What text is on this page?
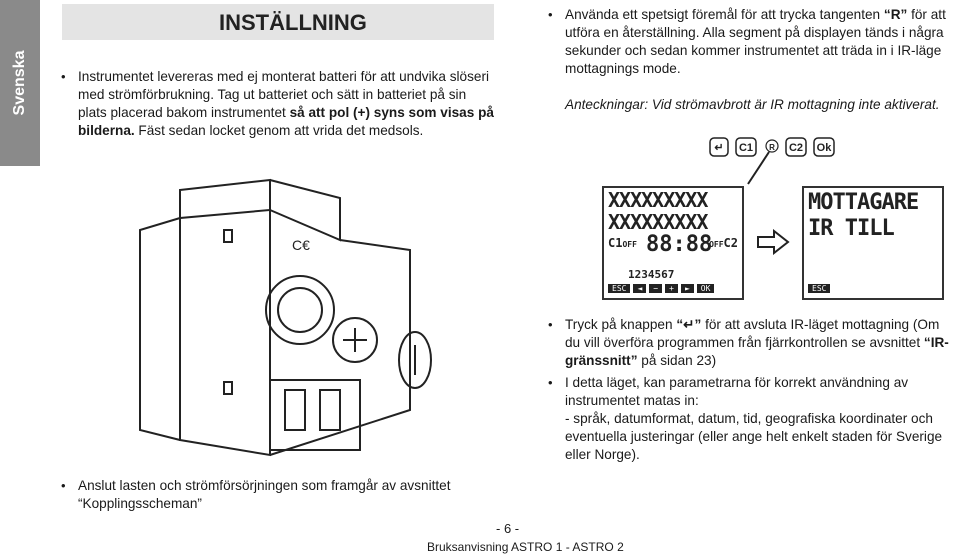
Svenska
INSTÄLLNING
• Instrumentet levereras med ej monterat batteri för att undvika slöseri med strömförbrukning. Tag ut batteriet och sätt in batteriet på sin plats placerad bakom instrumentet så att pol (+) syns som visas på bilderna. Fäst sedan locket genom att vrida det medsols.
• Använda ett spetsigt föremål för att trycka tangenten “R” för att utföra en återställning. Alla segment på displayen tänds i några sekunder och sedan kommer instrumentet att träda in i IR-läge mottagnings mode.
Anteckningar: Vid strömavbrott är IR mottagning inte aktiverat.
↵ C1 R C2 Ok
XXXXXXXXX
XXXXXXXXX
C1OFF 88:88
OFFC2
1234567
ESC	◄	−	+	►	OK
MOTTAGARE
IR TILL
ESC
C€
• Tryck på knappen “↵” för att avsluta IR-läget mottagning (Om du vill överföra programmen från fjärrkontrollen se avsnittet “IR-gränssnitt” på sidan 23)
• I detta läget, kan parametrarna för korrekt användning av instrumentet matas in:
- språk, datumformat, datum, tid, geografiska koordinater och eventuella justeringar (eller ange helt enkelt staden för Sverige eller Norge).
• Anslut lasten och strömförsörjningen som framgår av avsnittet “Kopplingsscheman”
- 6 -
Bruksanvisning ASTRO 1 - ASTRO 2
